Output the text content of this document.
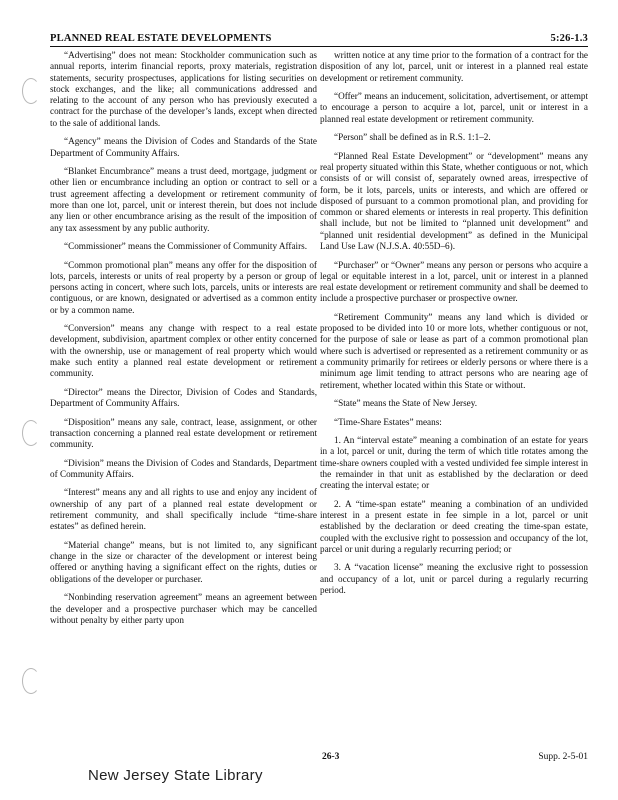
PLANNED REAL ESTATE DEVELOPMENTS	5:26-1.3

“Advertising” does not mean: Stockholder communication such as annual reports, interim financial reports, proxy materials, registration statements, security prospectuses, applications for listing securities on stock exchanges, and the like; all communications addressed and relating to the account of any person who has previously executed a contract for the purchase of the developer’s lands, except when directed to the sale of additional lands.

“Agency” means the Division of Codes and Standards of the State Department of Community Affairs.

“Blanket Encumbrance” means a trust deed, mortgage, judgment or other lien or encumbrance including an option or contract to sell or a trust agreement affecting a development or retirement community of more than one lot, parcel, unit or interest therein, but does not include any lien or other encumbrance arising as the result of the imposition of any tax assessment by any public authority.

“Commissioner” means the Commissioner of Community Affairs.

“Common promotional plan” means any offer for the disposition of lots, parcels, interests or units of real property by a person or group of persons acting in concert, where such lots, parcels, units or interests are contiguous, or are known, designated or advertised as a common entity or by a common name.

“Conversion” means any change with respect to a real estate development, subdivision, apartment complex or other entity concerned with the ownership, use or management of real property which would make such entity a planned real estate development or retirement community.

“Director” means the Director, Division of Codes and Standards, Department of Community Affairs.

“Disposition” means any sale, contract, lease, assignment, or other transaction concerning a planned real estate development or retirement community.

“Division” means the Division of Codes and Standards, Department of Community Affairs.

“Interest” means any and all rights to use and enjoy any incident of ownership of any part of a planned real estate development or retirement community, and shall specifically include “time-share estates” as defined herein.

“Material change” means, but is not limited to, any significant change in the size or character of the development or interest being offered or anything having a significant effect on the rights, duties or obligations of the developer or purchaser.

“Nonbinding reservation agreement” means an agreement between the developer and a prospective purchaser which may be cancelled without penalty by either party upon

written notice at any time prior to the formation of a contract for the disposition of any lot, parcel, unit or interest in a planned real estate development or retirement community.

“Offer” means an inducement, solicitation, advertisement, or attempt to encourage a person to acquire a lot, parcel, unit or interest in a planned real estate development or retirement community.

“Person” shall be defined as in R.S. 1:1–2.

“Planned Real Estate Development” or “development” means any real property situated within this State, whether contiguous or not, which consists of or will consist of, separately owned areas, irrespective of form, be it lots, parcels, units or interests, and which are offered or disposed of pursuant to a common promotional plan, and providing for common or shared elements or interests in real property. This definition shall include, but not be limited to “planned unit development” and “planned unit residential development” as defined in the Municipal Land Use Law (N.J.S.A. 40:55D–6).

“Purchaser” or “Owner” means any person or persons who acquire a legal or equitable interest in a lot, parcel, unit or interest in a planned real estate development or retirement community and shall be deemed to include a prospective purchaser or prospective owner.

“Retirement Community” means any land which is divided or proposed to be divided into 10 or more lots, whether contiguous or not, for the purpose of sale or lease as part of a common promotional plan where such is advertised or represented as a retirement community or as a community primarily for retirees or elderly persons or where there is a minimum age limit tending to attract persons who are nearing age of retirement, whether located within this State or without.

“State” means the State of New Jersey.

“Time-Share Estates” means:

1. An “interval estate” meaning a combination of an estate for years in a lot, parcel or unit, during the term of which title rotates among the time-share owners coupled with a vested undivided fee simple interest in the remainder in that unit as established by the declaration or deed creating the interval estate; or

2. A “time-span estate” meaning a combination of an undivided interest in a present estate in fee simple in a lot, parcel or unit established by the declaration or deed creating the time-span estate, coupled with the exclusive right to possession and occupancy of the lot, parcel or unit during a regularly recurring period; or

3. A “vacation license” meaning the exclusive right to possession and occupancy of a lot, unit or parcel during a regularly recurring period.

26-3	Supp. 2-5-01
New Jersey State Library
